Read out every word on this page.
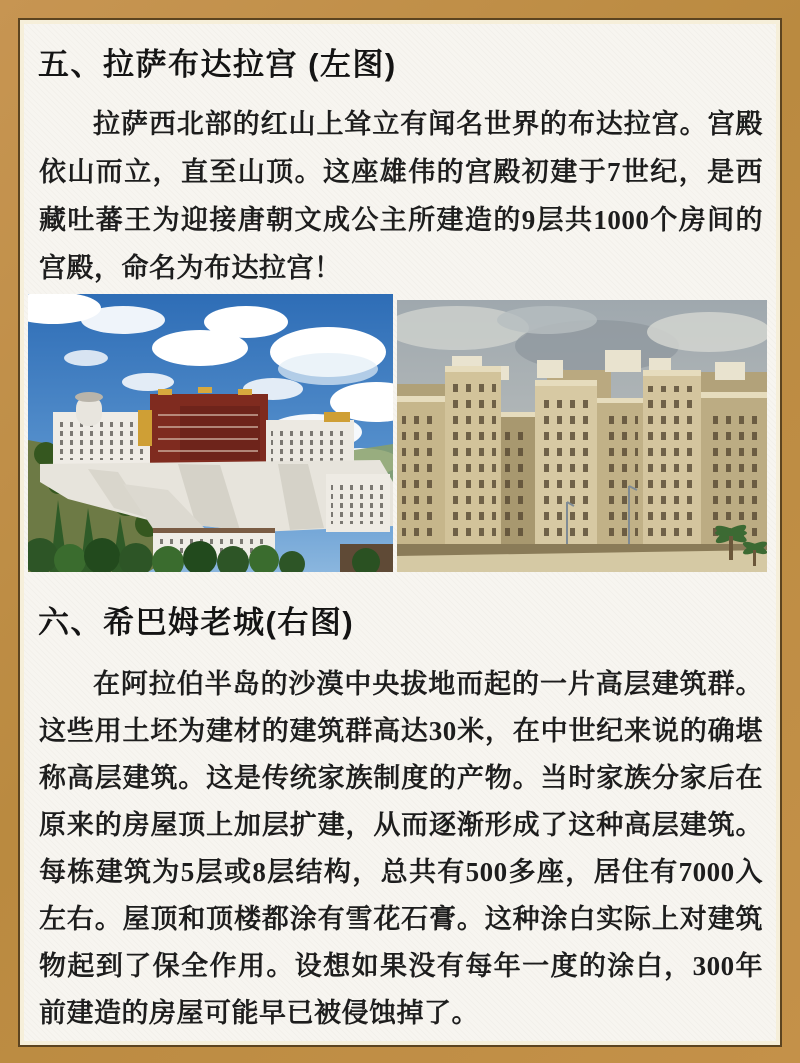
五、拉萨布达拉宫 (左图)

拉萨西北部的红山上耸立有闻名世界的布达拉宫。宫殿依山而立，直至山顶。这座雄伟的宫殿初建于7世纪，是西藏吐蕃王为迎接唐朝文成公主所建造的9层共1000个房间的宫殿，命名为布达拉宫！

六、希巴姆老城(右图)

在阿拉伯半岛的沙漠中央拔地而起的一片高层建筑群。这些用土坯为建材的建筑群高达30米，在中世纪来说的确堪称高层建筑。这是传统家族制度的产物。当时家族分家后在原来的房屋顶上加层扩建，从而逐渐形成了这种高层建筑。每栋建筑为5层或8层结构，总共有500多座，居住有7000入左右。屋顶和顶楼都涂有雪花石膏。这种涂白实际上对建筑物起到了保全作用。设想如果没有每年一度的涂白，300年前建造的房屋可能早已被侵蚀掉了。
